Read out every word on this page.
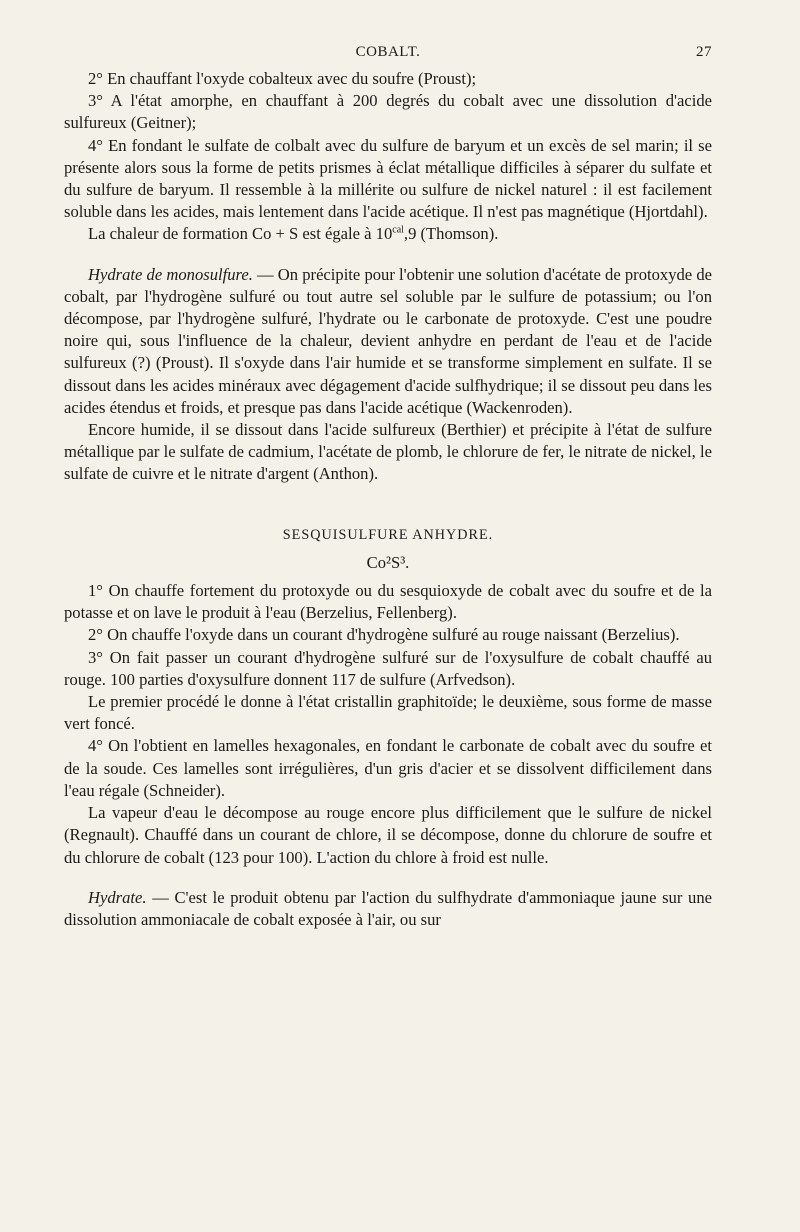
COBALT.	27

2° En chauffant l'oxyde cobalteux avec du soufre (Proust);

3° A l'état amorphe, en chauffant à 200 degrés du cobalt avec une dissolution d'acide sulfureux (Geitner);

4° En fondant le sulfate de colbalt avec du sulfure de baryum et un excès de sel marin; il se présente alors sous la forme de petits prismes à éclat métallique difficiles à séparer du sulfate et du sulfure de baryum. Il ressemble à la millérite ou sulfure de nickel naturel : il est facilement soluble dans les acides, mais lentement dans l'acide acétique. Il n'est pas magnétique (Hjortdahl).

La chaleur de formation Co + S est égale à $10^{cal},9$ (Thomson).

Hydrate de monosulfure. — On précipite pour l'obtenir une solution d'acétate de protoxyde de cobalt, par l'hydrogène sulfuré ou tout autre sel soluble par le sulfure de potassium; ou l'on décompose, par l'hydrogène sulfuré, l'hydrate ou le carbonate de protoxyde. C'est une poudre noire qui, sous l'influence de la chaleur, devient anhydre en perdant de l'eau et de l'acide sulfureux (?) (Proust). Il s'oxyde dans l'air humide et se transforme simplement en sulfate. Il se dissout dans les acides minéraux avec dégagement d'acide sulfhydrique; il se dissout peu dans les acides étendus et froids, et presque pas dans l'acide acétique (Wackenroden).

Encore humide, il se dissout dans l'acide sulfureux (Berthier) et précipite à l'état de sulfure métallique par le sulfate de cadmium, l'acétate de plomb, le chlorure de fer, le nitrate de nickel, le sulfate de cuivre et le nitrate d'argent (Anthon).

SESQUISULFURE ANHYDRE.

Co²S³.

1° On chauffe fortement du protoxyde ou du sesquioxyde de cobalt avec du soufre et de la potasse et on lave le produit à l'eau (Berzelius, Fellenberg).

2° On chauffe l'oxyde dans un courant d'hydrogène sulfuré au rouge naissant (Berzelius).

3° On fait passer un courant d'hydrogène sulfuré sur de l'oxysulfure de cobalt chauffé au rouge. 100 parties d'oxysulfure donnent 117 de sulfure (Arfvedson).

Le premier procédé le donne à l'état cristallin graphitoïde; le deuxième, sous forme de masse vert foncé.

4° On l'obtient en lamelles hexagonales, en fondant le carbonate de cobalt avec du soufre et de la soude. Ces lamelles sont irrégulières, d'un gris d'acier et se dissolvent difficilement dans l'eau régale (Schneider).

La vapeur d'eau le décompose au rouge encore plus difficilement que le sulfure de nickel (Regnault). Chauffé dans un courant de chlore, il se décompose, donne du chlorure de soufre et du chlorure de cobalt (123 pour 100). L'action du chlore à froid est nulle.

Hydrate. — C'est le produit obtenu par l'action du sulfhydrate d'ammoniaque jaune sur une dissolution ammoniacale de cobalt exposée à l'air, ou sur
